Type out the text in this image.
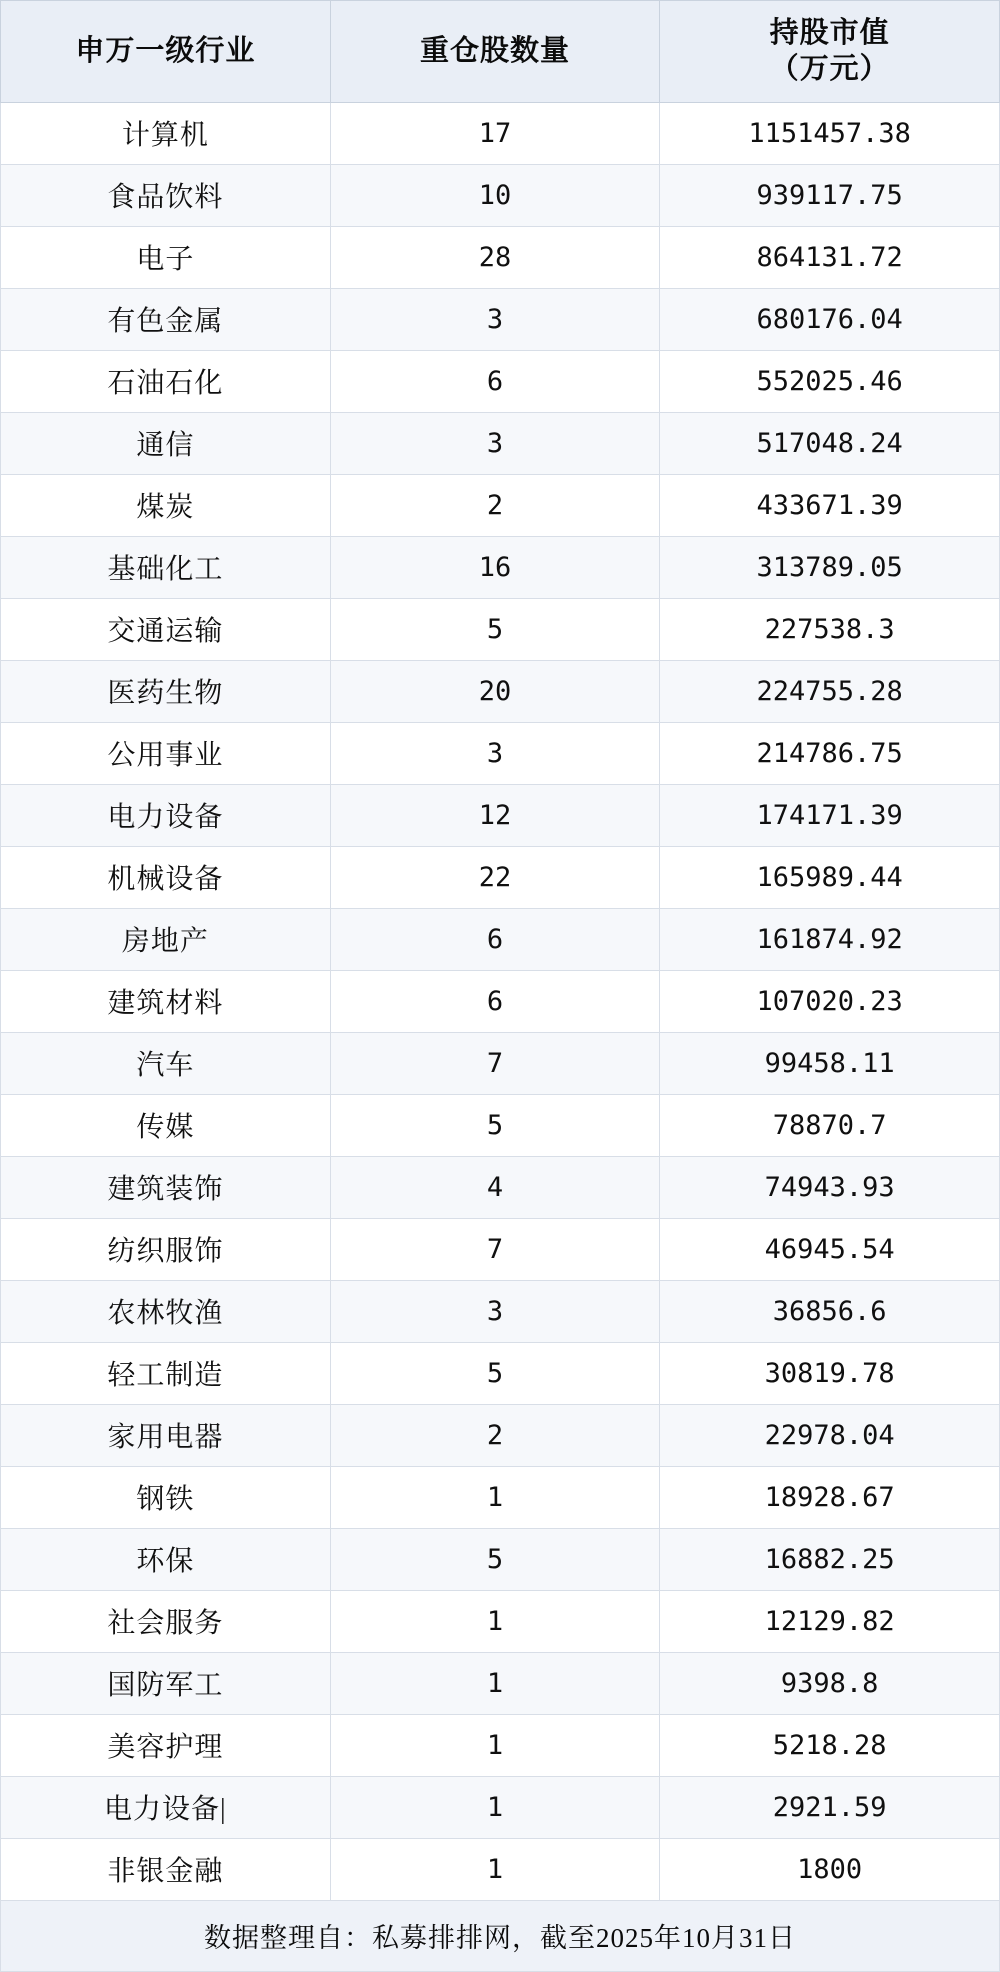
申万一级行业	重仓股数量	持股市值
（万元）

计算机	17	1151457.38
食品饮料	10	939117.75
电子	28	864131.72
有色金属	3	680176.04
石油石化	6	552025.46
通信	3	517048.24
煤炭	2	433671.39
基础化工	16	313789.05
交通运输	5	227538.3
医药生物	20	224755.28
公用事业	3	214786.75
电力设备	12	174171.39
机械设备	22	165989.44
房地产	6	161874.92
建筑材料	6	107020.23
汽车	7	99458.11
传媒	5	78870.7
建筑装饰	4	74943.93
纺织服饰	7	46945.54
农林牧渔	3	36856.6
轻工制造	5	30819.78
家用电器	2	22978.04
钢铁	1	18928.67
环保	5	16882.25
社会服务	1	12129.82
国防军工	1	9398.8
美容护理	1	5218.28
电力设备|	1	2921.59
非银金融	1	1800
数据整理自：私募排排网，截至2025年10月31日		
